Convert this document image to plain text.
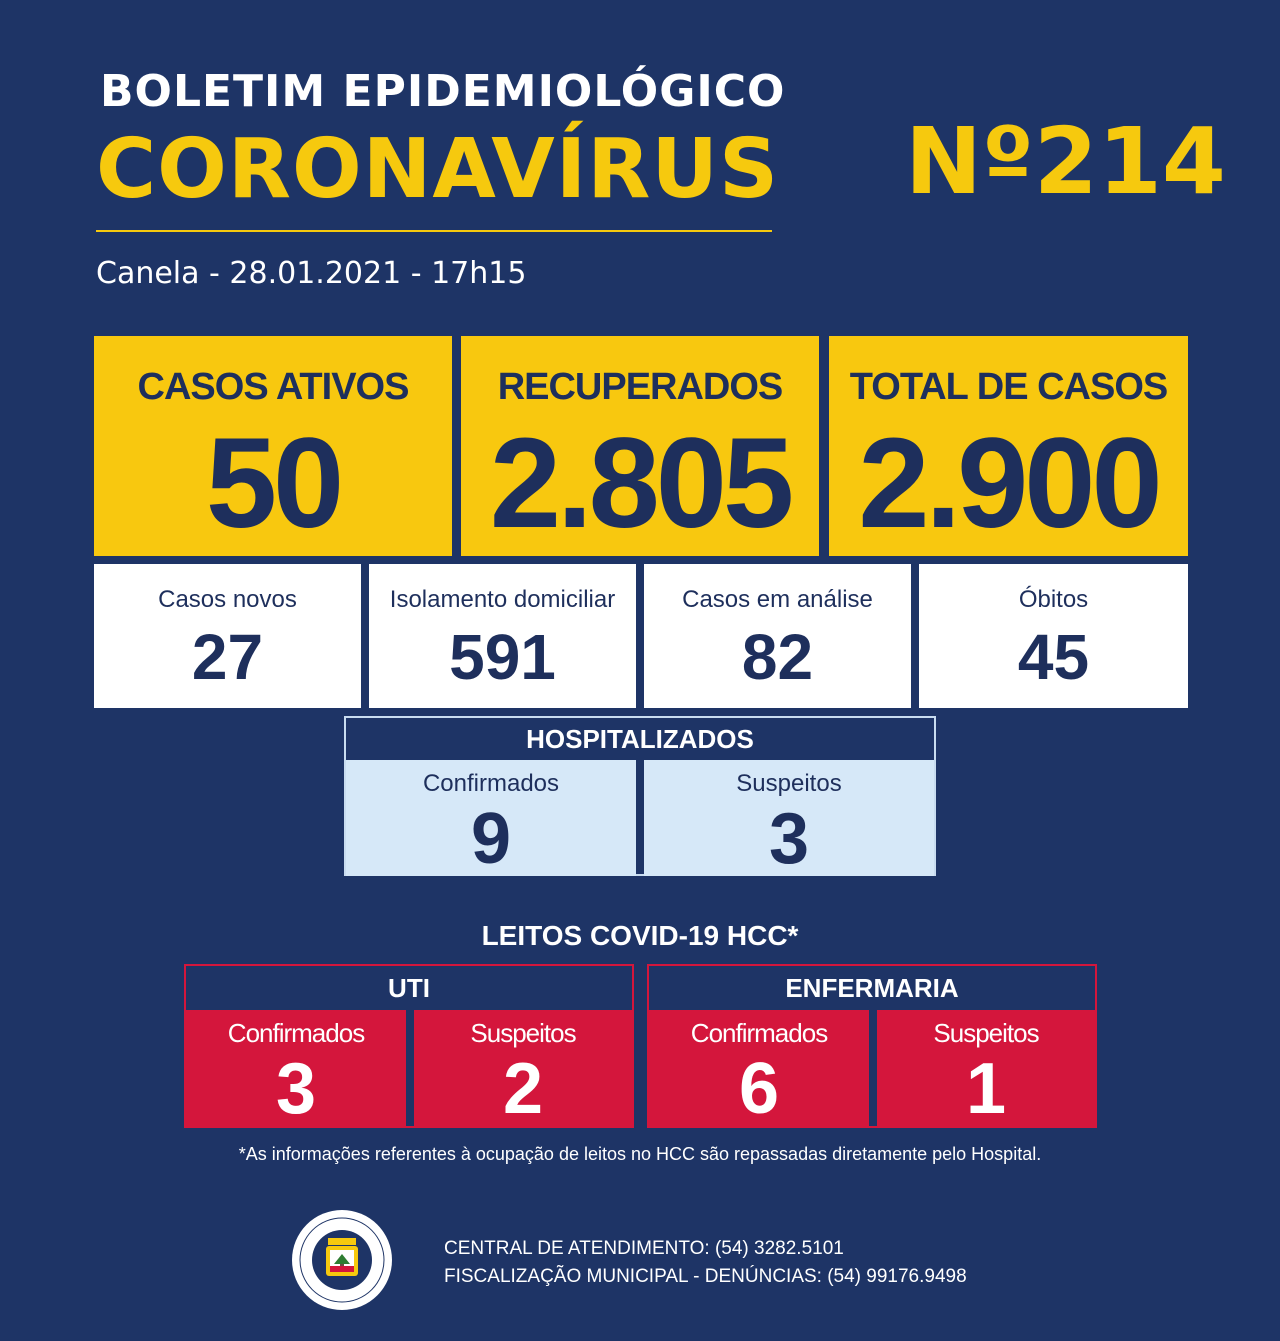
BOLETIM EPIDEMIOLÓGICO
CORONAVÍRUS Nº214
Canela - 28.01.2021 - 17h15
CASOS ATIVOS
50
RECUPERADOS
2.805
TOTAL DE CASOS
2.900
Casos novos
27
Isolamento domiciliar
591
Casos em análise
82
Óbitos
45
HOSPITALIZADOS
Confirmados
9
Suspeitos
3
LEITOS COVID-19 HCC*
UTI
Confirmados
3
Suspeitos
2
ENFERMARIA
Confirmados
6
Suspeitos
1
*As informações referentes à ocupação de leitos no HCC são repassadas diretamente pelo Hospital.
CENTRAL DE ATENDIMENTO: (54) 3282.5101
FISCALIZAÇÃO MUNICIPAL - DENÚNCIAS: (54) 99176.9498
